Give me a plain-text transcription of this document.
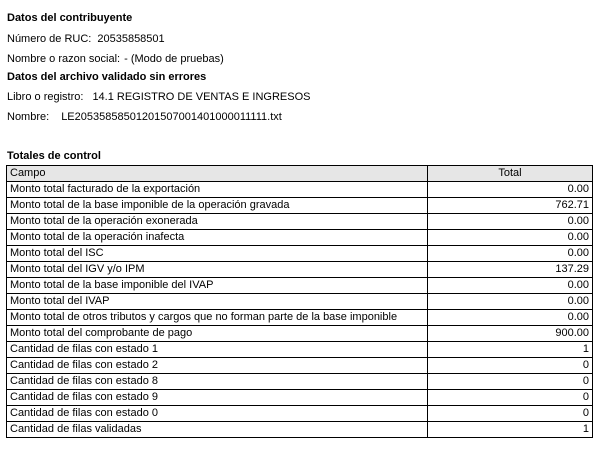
Datos del contribuyente
Número de RUC: 20535858501
Nombre o razon social: - (Modo de pruebas)
Datos del archivo validado sin errores
Libro o registro: 14.1 REGISTRO DE VENTAS E INGRESOS
Nombre: LE20535858501201507001401000011111.txt
Totales de control
Campo	Total
Monto total facturado de la exportación	0.00
Monto total de la base imponible de la operación gravada	762.71
Monto total de la operación exonerada	0.00
Monto total de la operación inafecta	0.00
Monto total del ISC	0.00
Monto total del IGV y/o IPM	137.29
Monto total de la base imponible del IVAP	0.00
Monto total del IVAP	0.00
Monto total de otros tributos y cargos que no forman parte de la base imponible	0.00
Monto total del comprobante de pago	900.00
Cantidad de filas con estado 1	1
Cantidad de filas con estado 2	0
Cantidad de filas con estado 8	0
Cantidad de filas con estado 9	0
Cantidad de filas con estado 0	0
Cantidad de filas validadas	1
